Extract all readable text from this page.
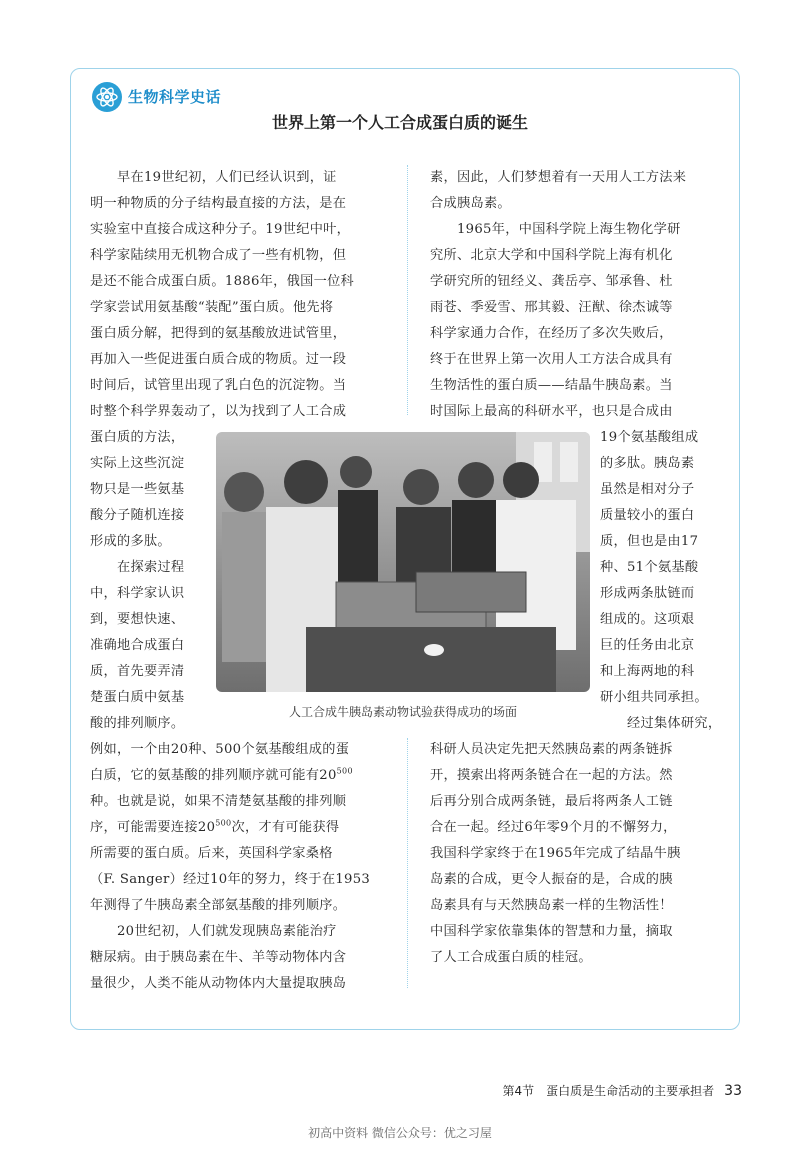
生物科学史话
世界上第一个人工合成蛋白质的诞生
　　早在19世纪初，人们已经认识到，证
明一种物质的分子结构最直接的方法，是在
实验室中直接合成这种分子。19世纪中叶，
科学家陆续用无机物合成了一些有机物，但
是还不能合成蛋白质。1886年，俄国一位科
学家尝试用氨基酸“装配”蛋白质。他先将
蛋白质分解，把得到的氨基酸放进试管里，
再加入一些促进蛋白质合成的物质。过一段
时间后，试管里出现了乳白色的沉淀物。当
时整个科学界轰动了，以为找到了人工合成
蛋白质的方法，
实际上这些沉淀
物只是一些氨基
酸分子随机连接
形成的多肽。
　　在探索过程
中，科学家认识
到，要想快速、
准确地合成蛋白
质，首先要弄清
楚蛋白质中氨基
酸的排列顺序。
例如，一个由20种、500个氨基酸组成的蛋
白质，它的氨基酸的排列顺序就可能有$20^{500}$
种。也就是说，如果不清楚氨基酸的排列顺
序，可能需要连接$20^{500}$次，才有可能获得
所需要的蛋白质。后来，英国科学家桑格
（F. Sanger）经过10年的努力，终于在1953
年测得了牛胰岛素全部氨基酸的排列顺序。
　　20世纪初，人们就发现胰岛素能治疗
糖尿病。由于胰岛素在牛、羊等动物体内含
量很少，人类不能从动物体内大量提取胰岛
素，因此，人们梦想着有一天用人工方法来
合成胰岛素。
　　1965年，中国科学院上海生物化学研
究所、北京大学和中国科学院上海有机化
学研究所的钮经义、龚岳亭、邹承鲁、杜
雨苍、季爱雪、邢其毅、汪猷、徐杰诚等
科学家通力合作，在经历了多次失败后，
终于在世界上第一次用人工方法合成具有
生物活性的蛋白质——结晶牛胰岛素。当
时国际上最高的科研水平，也只是合成由
19个氨基酸组成
的多肽。胰岛素
虽然是相对分子
质量较小的蛋白
质，但也是由17
种、51个氨基酸
形成两条肽链而
组成的。这项艰
巨的任务由北京
和上海两地的科
研小组共同承担。
　　经过集体研究，
科研人员决定先把天然胰岛素的两条链拆
开，摸索出将两条链合在一起的方法。然
后再分别合成两条链，最后将两条人工链
合在一起。经过6年零9个月的不懈努力，
我国科学家终于在1965年完成了结晶牛胰
岛素的合成，更令人振奋的是，合成的胰
岛素具有与天然胰岛素一样的生物活性！
中国科学家依靠集体的智慧和力量，摘取
了人工合成蛋白质的桂冠。
人工合成牛胰岛素动物试验获得成功的场面
第4节　蛋白质是生命活动的主要承担者 33
初高中资料 微信公众号：优之习屋
